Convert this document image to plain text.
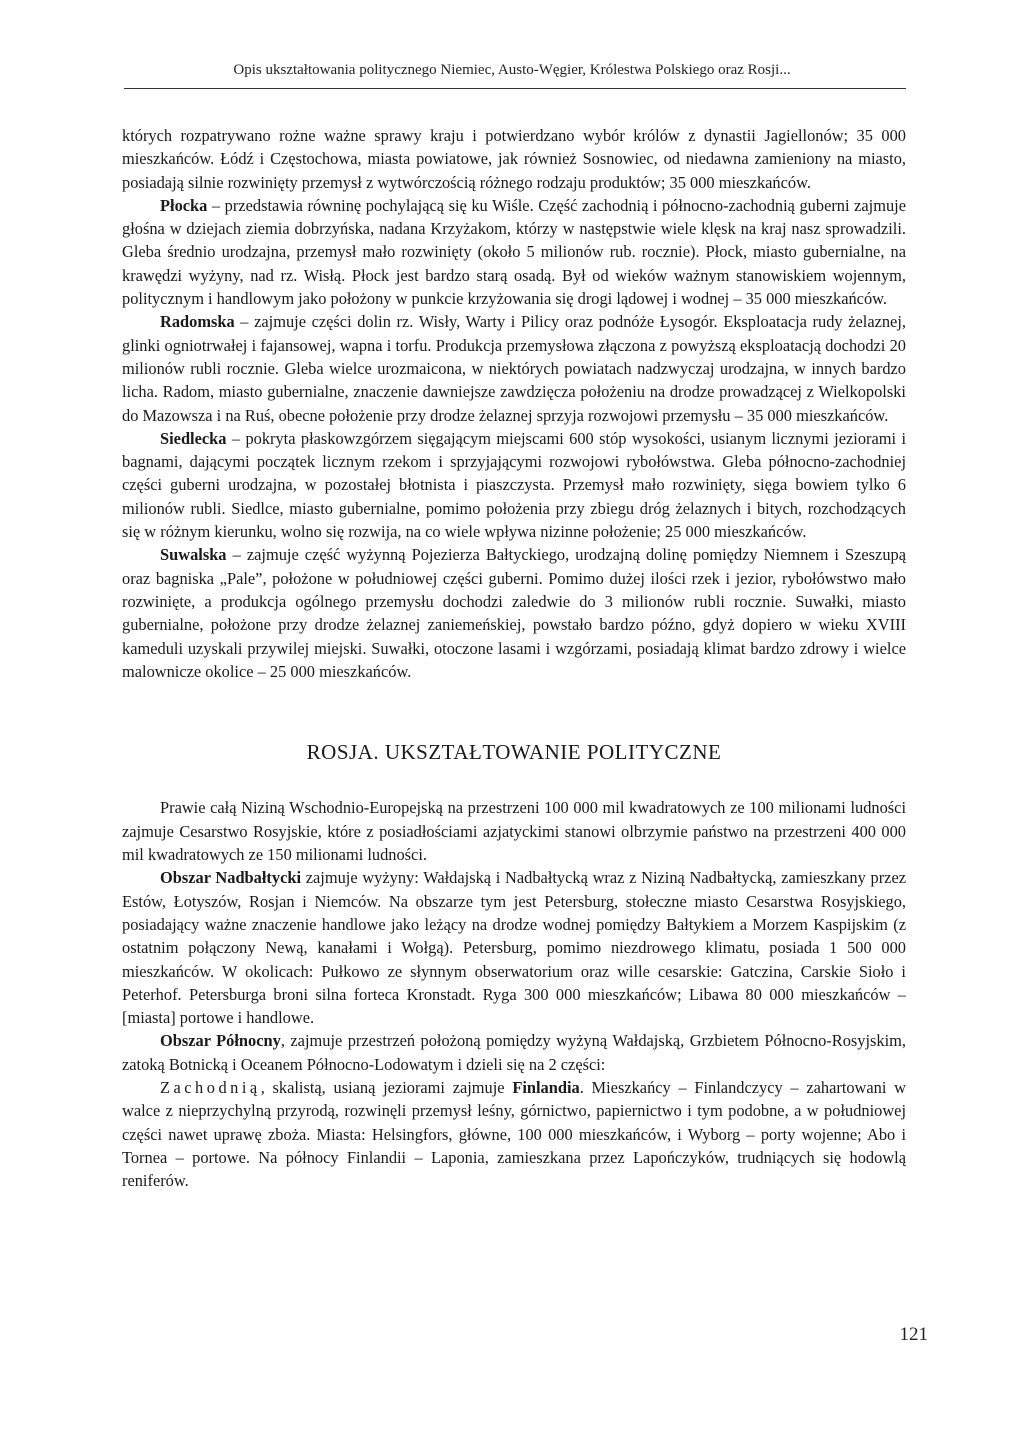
Opis ukształtowania politycznego Niemiec, Austo-Węgier, Królestwa Polskiego oraz Rosji...

których rozpatrywano rożne ważne sprawy kraju i potwierdzano wybór królów z dynastii Jagiellonów; 35 000 mieszkańców. Łódź i Częstochowa, miasta powiatowe, jak również Sosnowiec, od niedawna zamieniony na miasto, posiadają silnie rozwinięty przemysł z wytwórczością różnego rodzaju produktów; 35 000 mieszkańców.

Płocka – przedstawia równinę pochylającą się ku Wiśle. Część zachodnią i północno-zachodnią guberni zajmuje głośna w dziejach ziemia dobrzyńska, nadana Krzyżakom, którzy w następstwie wiele klęsk na kraj nasz sprowadzili. Gleba średnio urodzajna, przemysł mało rozwinięty (około 5 milionów rub. rocznie). Płock, miasto gubernialne, na krawędzi wyżyny, nad rz. Wisłą. Płock jest bardzo starą osadą. Był od wieków ważnym stanowiskiem wojennym, politycznym i handlowym jako położony w punkcie krzyżowania się drogi lądowej i wodnej – 35 000 mieszkańców.

Radomska – zajmuje części dolin rz. Wisły, Warty i Pilicy oraz podnóże Łysogór. Eksploatacja rudy żelaznej, glinki ogniotrwałej i fajansowej, wapna i torfu. Produkcja przemysłowa złączona z powyższą eksploatacją dochodzi 20 milionów rubli rocznie. Gleba wielce urozmaicona, w niektórych powiatach nadzwyczaj urodzajna, w innych bardzo licha. Radom, miasto gubernialne, znaczenie dawniejsze zawdzięcza położeniu na drodze prowadzącej z Wielkopolski do Mazowsza i na Ruś, obecne położenie przy drodze żelaznej sprzyja rozwojowi przemysłu – 35 000 mieszkańców.

Siedlecka – pokryta płaskowzgórzem sięgającym miejscami 600 stóp wysokości, usianym licznymi jeziorami i bagnami, dającymi początek licznym rzekom i sprzyjającymi rozwojowi rybołówstwa. Gleba północno-zachodniej części guberni urodzajna, w pozostałej błotnista i piaszczysta. Przemysł mało rozwinięty, sięga bowiem tylko 6 milionów rubli. Siedlce, miasto gubernialne, pomimo położenia przy zbiegu dróg żelaznych i bitych, rozchodzących się w różnym kierunku, wolno się rozwija, na co wiele wpływa nizinne położenie; 25 000 mieszkańców.

Suwalska – zajmuje część wyżynną Pojezierza Bałtyckiego, urodzajną dolinę pomiędzy Niemnem i Szeszupą oraz bagniska „Pale”, położone w południowej części guberni. Pomimo dużej ilości rzek i jezior, rybołówstwo mało rozwinięte, a produkcja ogólnego przemysłu dochodzi zaledwie do 3 milionów rubli rocznie. Suwałki, miasto gubernialne, położone przy drodze żelaznej zaniemeńskiej, powstało bardzo późno, gdyż dopiero w wieku XVIII kameduli uzyskali przywilej miejski. Suwałki, otoczone lasami i wzgórzami, posiadają klimat bardzo zdrowy i wielce malownicze okolice – 25 000 mieszkańców.

ROSJA. UKSZTAŁTOWANIE POLITYCZNE

Prawie całą Niziną Wschodnio-Europejską na przestrzeni 100 000 mil kwadratowych ze 100 milionami ludności zajmuje Cesarstwo Rosyjskie, które z posiadłościami azjatyckimi stanowi olbrzymie państwo na przestrzeni 400 000 mil kwadratowych ze 150 milionami ludności.

Obszar Nadbałtycki zajmuje wyżyny: Wałdajską i Nadbałtycką wraz z Niziną Nadbałtycką, zamieszkany przez Estów, Łotyszów, Rosjan i Niemców. Na obszarze tym jest Petersburg, stołeczne miasto Cesarstwa Rosyjskiego, posiadający ważne znaczenie handlowe jako leżący na drodze wodnej pomiędzy Bałtykiem a Morzem Kaspijskim (z ostatnim połączony Newą, kanałami i Wołgą). Petersburg, pomimo niezdrowego klimatu, posiada 1 500 000 mieszkańców. W okolicach: Pułkowo ze słynnym obserwatorium oraz wille cesarskie: Gatczina, Carskie Sioło i Peterhof. Petersburga broni silna forteca Kronstadt. Ryga 300 000 mieszkańców; Libawa 80 000 mieszkańców – [miasta] portowe i handlowe.

Obszar Północny, zajmuje przestrzeń położoną pomiędzy wyżyną Wałdajską, Grzbietem Północno-Rosyjskim, zatoką Botnicką i Oceanem Północno-Lodowatym i dzieli się na 2 części:

Zachodnią, skalistą, usianą jeziorami zajmuje Finlandia. Mieszkańcy – Finlandczycy – zahartowani w walce z nieprzychylną przyrodą, rozwinęli przemysł leśny, górnictwo, papiernictwo i tym podobne, a w południowej części nawet uprawę zboża. Miasta: Helsingfors, główne, 100 000 mieszkańców, i Wyborg – porty wojenne; Abo i Tornea – portowe. Na północy Finlandii – Laponia, zamieszkana przez Lapończyków, trudniących się hodowlą reniferów.

121
